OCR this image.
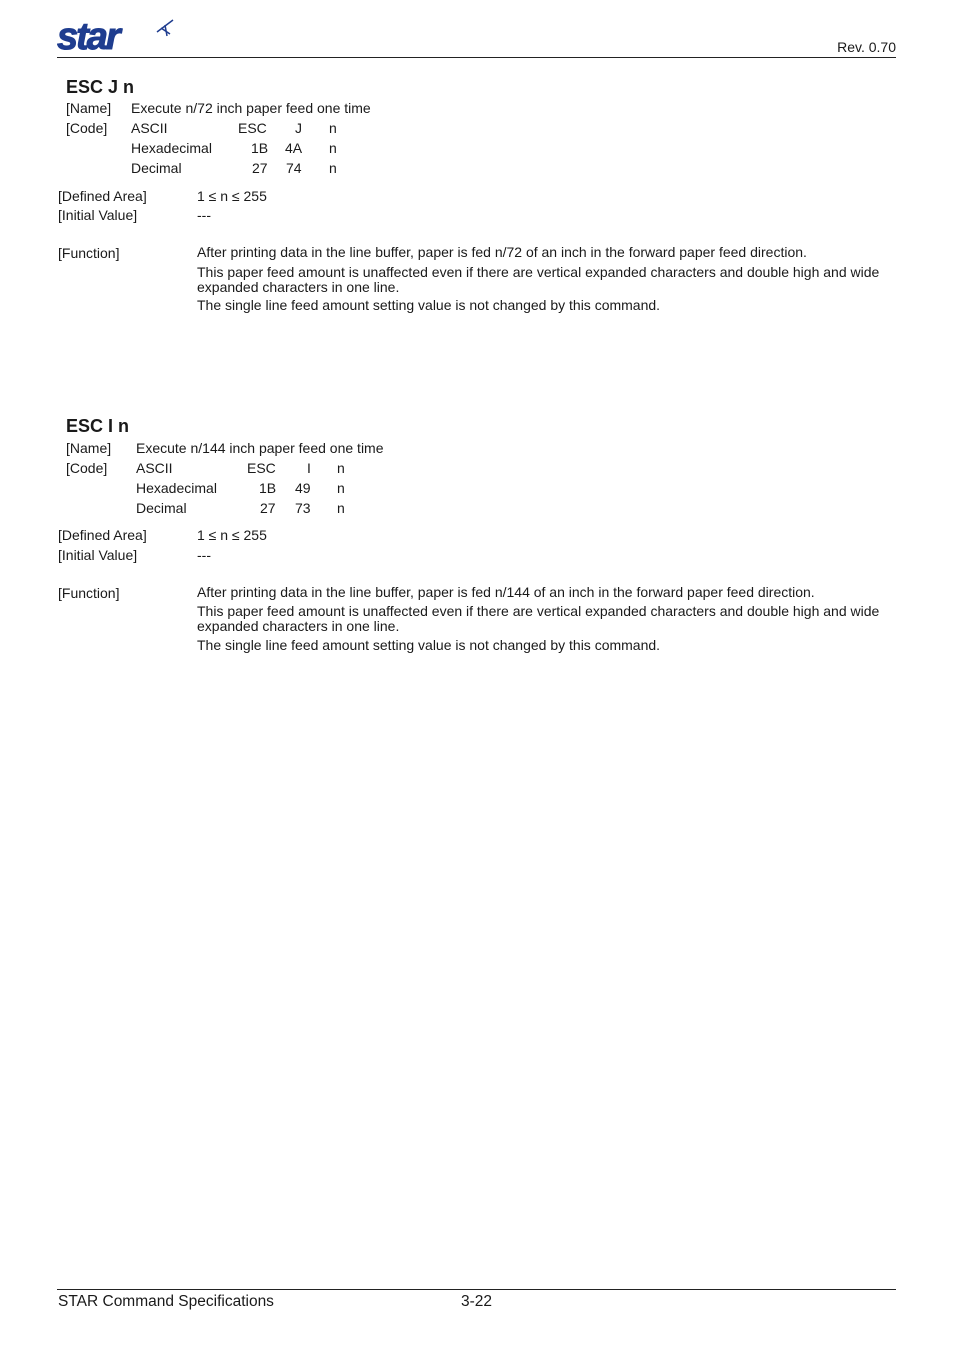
star	Rev. 0.70
ESC J n
[Name] Execute n/72 inch paper feed one time
[Code] ASCII	ESC J n
Hexadecimal	1B 4A n
Decimal	27 74 n
[Defined Area]	1 ≤ n ≤ 255
[Initial Value]	---
[Function]	After printing data in the line buffer, paper is fed n/72 of an inch in the forward paper feed direction.
This paper feed amount is unaffected even if there are vertical expanded characters and double high and wide expanded characters in one line.
The single line feed amount setting value is not changed by this command.
ESC I n
[Name] Execute n/144 inch paper feed one time
[Code] ASCII	ESC I n
Hexadecimal	1B 49 n
Decimal	27 73 n
[Defined Area]	1 ≤ n ≤ 255
[Initial Value]	---
[Function]	After printing data in the line buffer, paper is fed n/144 of an inch in the forward paper feed direction.
This paper feed amount is unaffected even if there are vertical expanded characters and double high and wide expanded characters in one line.
The single line feed amount setting value is not changed by this command.
STAR Command Specifications	3-22
